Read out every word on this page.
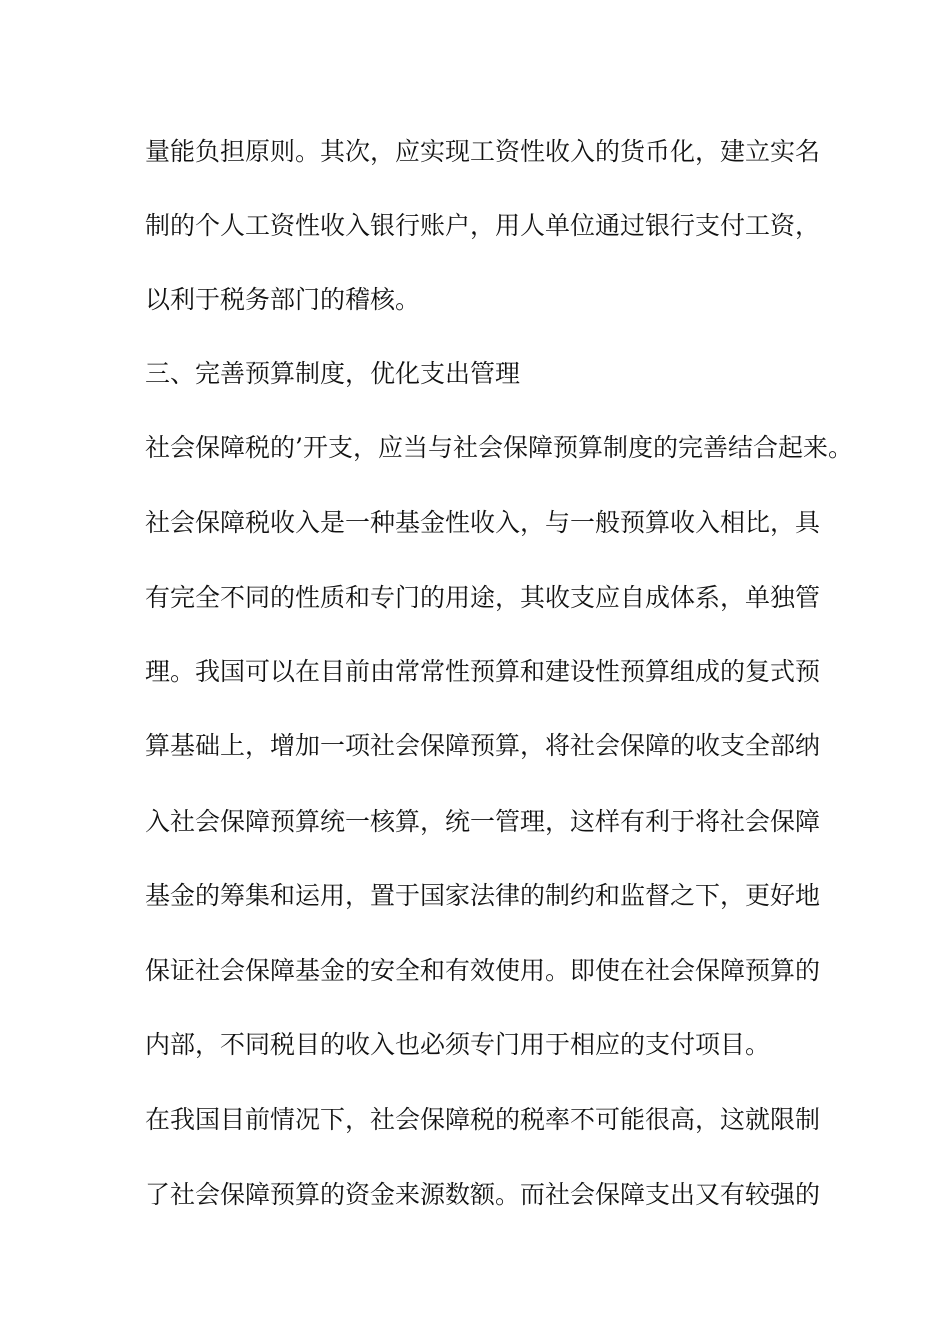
量能负担原则。其次，应实现工资性收入的货币化，建立实名
制的个人工资性收入银行账户，用人单位通过银行支付工资，
以利于税务部门的稽核。
三、完善预算制度，优化支出管理
社会保障税的’开支，应当与社会保障预算制度的完善结合起来。
社会保障税收入是一种基金性收入，与一般预算收入相比，具
有完全不同的性质和专门的用途，其收支应自成体系，单独管
理。我国可以在目前由常常性预算和建设性预算组成的复式预
算基础上，增加一项社会保障预算，将社会保障的收支全部纳
入社会保障预算统一核算，统一管理，这样有利于将社会保障
基金的筹集和运用，置于国家法律的制约和监督之下，更好地
保证社会保障基金的安全和有效使用。即使在社会保障预算的
内部，不同税目的收入也必须专门用于相应的支付项目。
在我国目前情况下，社会保障税的税率不可能很高，这就限制
了社会保障预算的资金来源数额。而社会保障支出又有较强的
